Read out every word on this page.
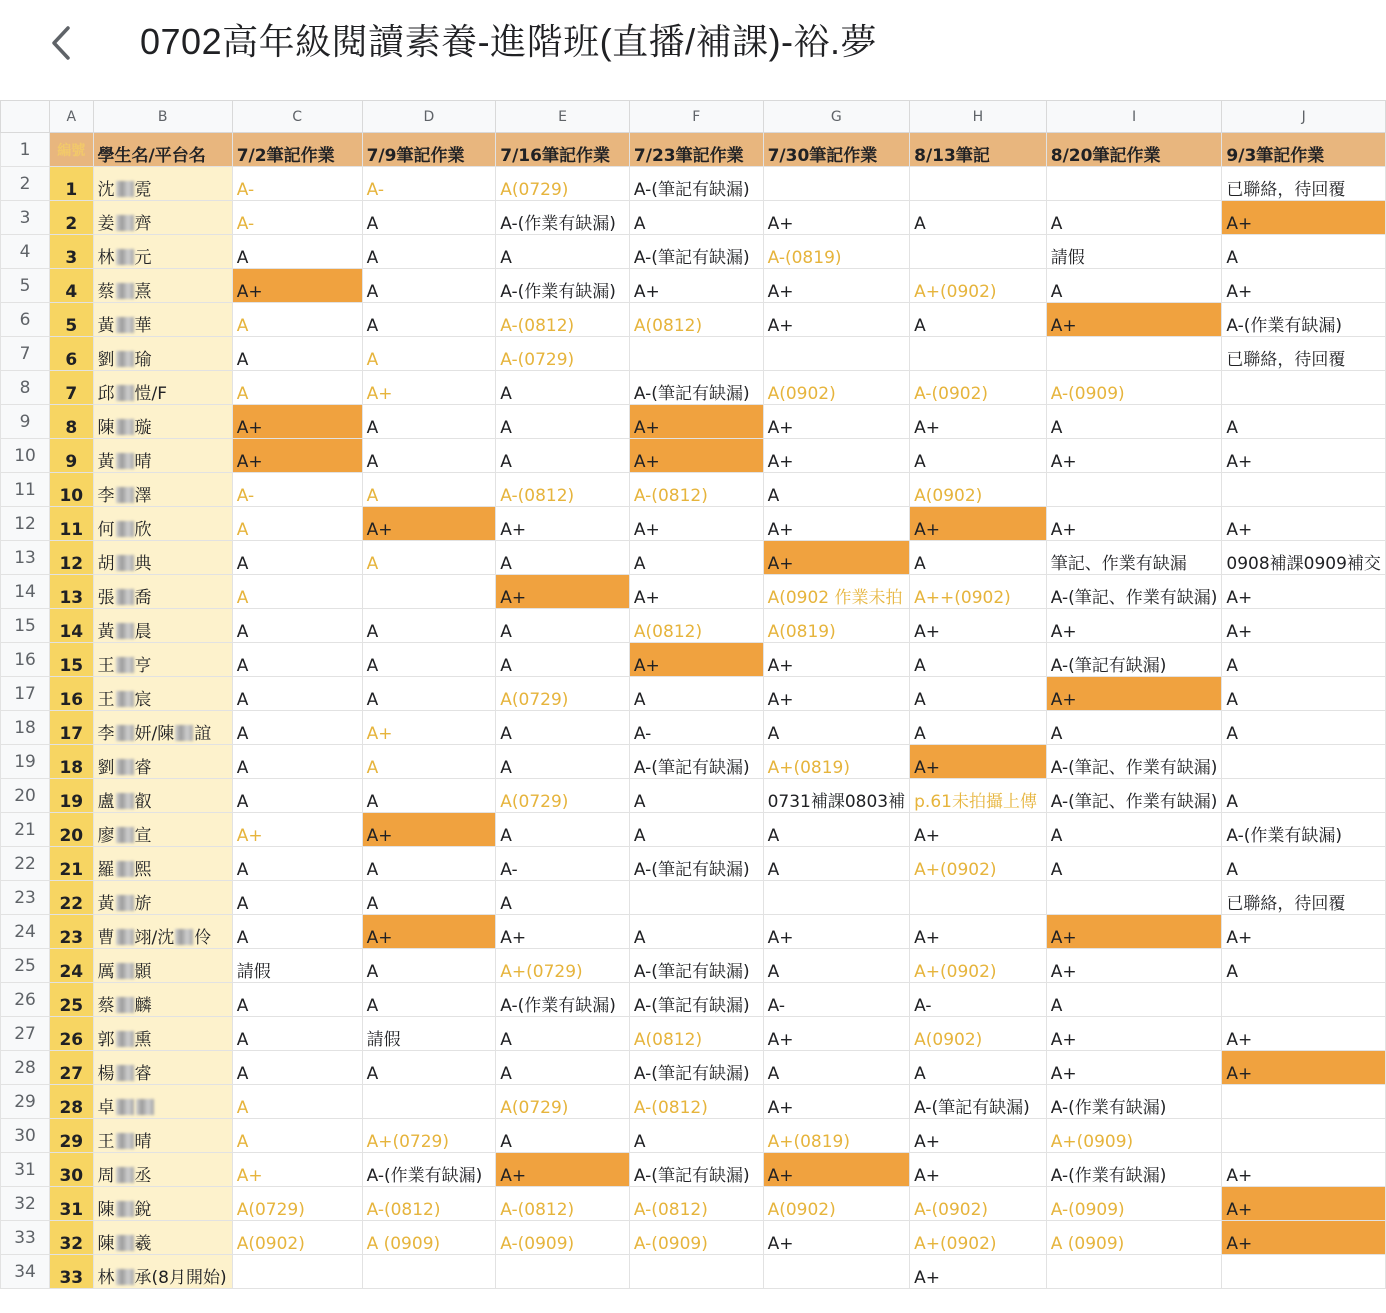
0702高年級閱讀素養-進階班(直播/補課)-裕.夢
	A	B	C	D	E	F	G	H	I	J
1	編號	學生名/平台名	7/2筆記作業	7/9筆記作業	7/16筆記作業	7/23筆記作業	7/30筆記作業	8/13筆記	8/20筆記作業	9/3筆記作業
2	1	沈 霓	A-	A-	A(0729)	A-(筆記有缺漏)				已聯絡，待回覆
3	2	姜 齊	A-	A	A-(作業有缺漏)	A	A+	A	A	A+
4	3	林 元	A	A	A	A-(筆記有缺漏)	A-(0819)		請假	A
5	4	蔡 熹	A+	A	A-(作業有缺漏)	A+	A+	A+(0902)	A	A+
6	5	黃 華	A	A	A-(0812)	A(0812)	A+	A	A+	A-(作業有缺漏)
7	6	劉 瑜	A	A	A-(0729)					已聯絡，待回覆
8	7	邱 愷/F	A	A+	A	A-(筆記有缺漏)	A(0902)	A-(0902)	A-(0909)	
9	8	陳 璇	A+	A	A	A+	A+	A+	A	A
10	9	黃 晴	A+	A	A	A+	A+	A	A+	A+
11	10	李 澤	A-	A	A-(0812)	A-(0812)	A	A(0902)		
12	11	何 欣	A	A+	A+	A+	A+	A+	A+	A+
13	12	胡 典	A	A	A	A	A+	A	筆記、作業有缺漏	0908補課0909補交
14	13	張 喬	A		A+	A+	A(0902 作業未拍	A++(0902)	A-(筆記、作業有缺漏)	A+
15	14	黃 晨	A	A	A	A(0812)	A(0819)	A+	A+	A+
16	15	王 亨	A	A	A	A+	A+	A	A-(筆記有缺漏)	A
17	16	王 宸	A	A	A(0729)	A	A+	A	A+	A
18	17	李 妍/陳 誼	A	A+	A	A-	A	A	A	A
19	18	劉 睿	A	A	A	A-(筆記有缺漏)	A+(0819)	A+	A-(筆記、作業有缺漏)	
20	19	盧 叡	A	A	A(0729)	A	0731補課0803補	p.61未拍攝上傳	A-(筆記、作業有缺漏)	A
21	20	廖 宣	A+	A+	A	A	A	A+	A	A-(作業有缺漏)
22	21	羅 熙	A	A	A-	A-(筆記有缺漏)	A	A+(0902)	A	A
23	22	黃 旂	A	A	A					已聯絡，待回覆
24	23	曹 翊/沈 伶	A	A+	A+	A	A+	A+	A+	A+
25	24	厲 顥	請假	A	A+(0729)	A-(筆記有缺漏)	A	A+(0902)	A+	A
26	25	蔡 麟	A	A	A-(作業有缺漏)	A-(筆記有缺漏)	A-	A-	A	
27	26	郭 熏	A	請假	A	A(0812)	A+	A(0902)	A+	A+
28	27	楊 睿	A	A	A	A-(筆記有缺漏)	A	A	A+	A+
29	28	卓	A		A(0729)	A-(0812)	A+	A-(筆記有缺漏)	A-(作業有缺漏)	
30	29	王 晴	A	A+(0729)	A	A	A+(0819)	A+	A+(0909)	
31	30	周 丞	A+	A-(作業有缺漏)	A+	A-(筆記有缺漏)	A+	A+	A-(作業有缺漏)	A+
32	31	陳 銳	A(0729)	A-(0812)	A-(0812)	A-(0812)	A(0902)	A-(0902)	A-(0909)	A+
33	32	陳 羲	A(0902)	A (0909)	A-(0909)	A-(0909)	A+	A+(0902)	A (0909)	A+
34	33	林 承(8月開始)						A+		
